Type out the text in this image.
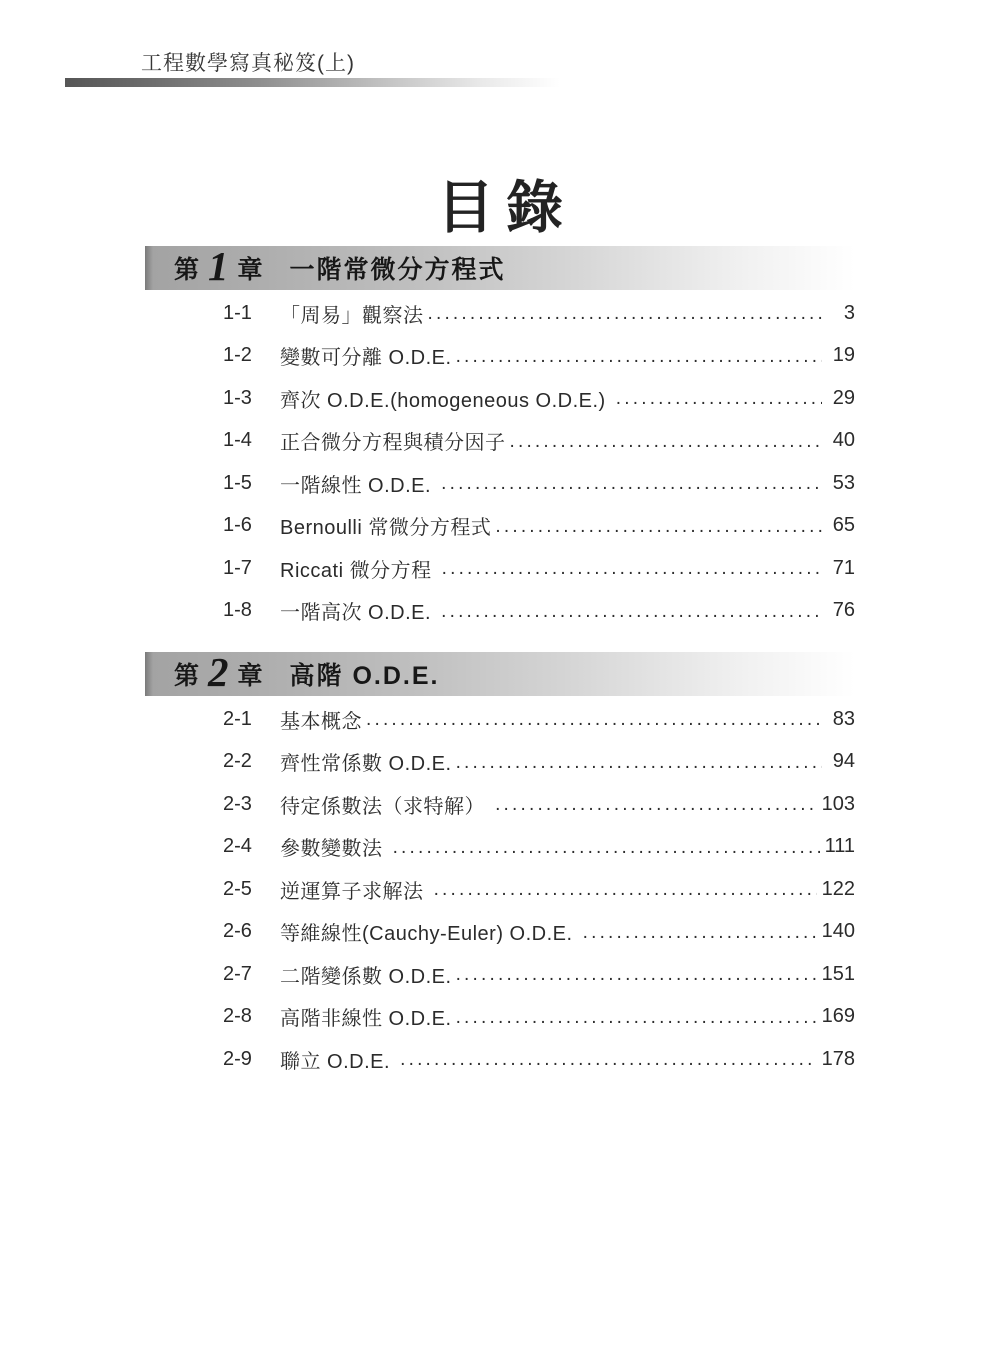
工程數學寫真秘笈(上)
目錄
第 1 章 一階常微分方程式
1-1	「周易」觀察法 .....	3
1-2	變數可分離 O.D.E. .....	19
1-3	齊次 O.D.E.(homogeneous O.D.E.) .....	29
1-4	正合微分方程與積分因子 .....	40
1-5	一階線性 O.D.E. .....	53
1-6	Bernoulli 常微分方程式 .....	65
1-7	Riccati 微分方程 .....	71
1-8	一階高次 O.D.E. .....	76
第 2 章 高階 O.D.E.
2-1	基本概念 .....	83
2-2	齊性常係數 O.D.E. .....	94
2-3	待定係數法（求特解） .....	103
2-4	參數變數法 .....	111
2-5	逆運算子求解法 .....	122
2-6	等維線性(Cauchy-Euler) O.D.E. .....	140
2-7	二階變係數 O.D.E. .....	151
2-8	高階非線性 O.D.E. .....	169
2-9	聯立 O.D.E. .....	178
